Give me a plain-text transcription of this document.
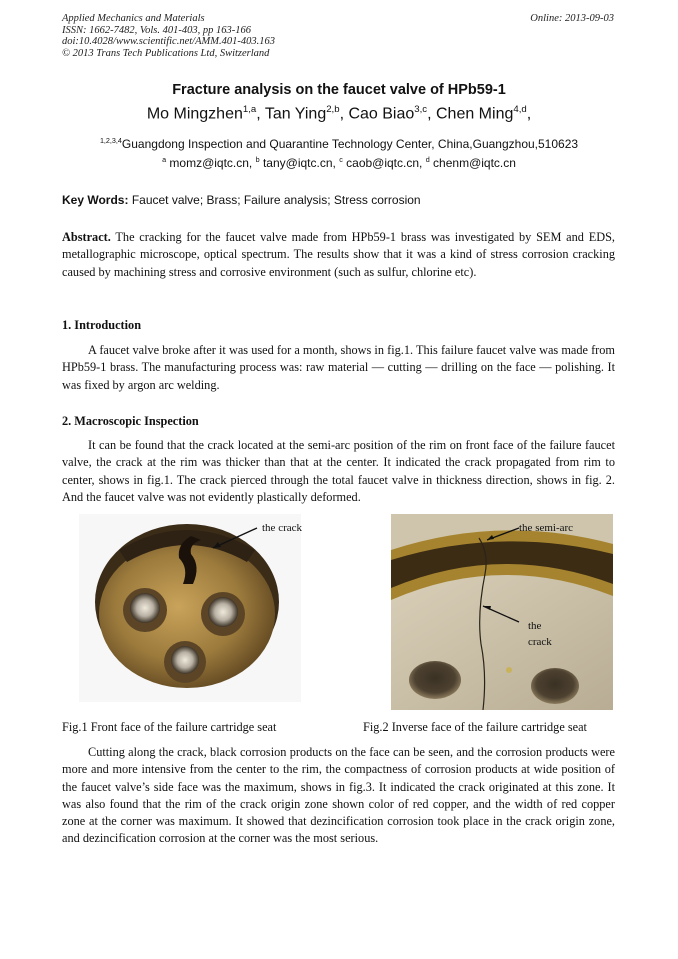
Applied Mechanics and Materials
ISSN: 1662-7482, Vols. 401-403, pp 163-166
doi:10.4028/www.scientific.net/AMM.401-403.163
© 2013 Trans Tech Publications Ltd, Switzerland
Online: 2013-09-03
Fracture analysis on the faucet valve of HPb59-1
Mo Mingzhen$^{1,a}$, Tan Ying$^{2,b}$, Cao Biao$^{3,c}$, Chen Ming$^{4,d}$,
$^{1,2,3,4}$Guangdong Inspection and Quarantine Technology Center, China,Guangzhou,510623
$^a$ momz@iqtc.cn, $^b$ tany@iqtc.cn, $^c$ caob@iqtc.cn, $^d$ chenm@iqtc.cn
Key Words: Faucet valve; Brass; Failure analysis; Stress corrosion
Abstract. The cracking for the faucet valve made from HPb59-1 brass was investigated by SEM and EDS, metallographic microscope, optical spectrum. The results show that it was a kind of stress corrosion cracking caused by machining stress and corrosive environment (such as sulfur, chlorine etc).
1. Introduction
A faucet valve broke after it was used for a month, shows in fig.1. This failure faucet valve was made from HPb59-1 brass. The manufacturing process was: raw material — cutting — drilling on the face — polishing. It was fixed by argon arc welding.
2. Macroscopic Inspection
It can be found that the crack located at the semi-arc position of the rim on front face of the failure faucet valve, the crack at the rim was thicker than that at the center. It indicated the crack propagated from rim to center, shows in fig.1. The crack pierced through the total faucet valve in thickness direction, shows in fig. 2. And the faucet valve was not evidently plastically deformed.
the crack	the semi-arc
the
crack
Fig.1 Front face of the failure cartridge seat	Fig.2 Inverse face of the failure cartridge seat
Cutting along the crack, black corrosion products on the face can be seen, and the corrosion products were more and more intensive from the center to the rim, the compactness of corrosion products at wide position of the faucet valve’s side face was the maximum, shows in fig.3. It indicated the crack originated at this zone. It was also found that the rim of the crack origin zone shown color of red copper, and the width of red copper zone at the corner was maximum. It showed that dezincification corrosion took place in the crack origin zone, and dezincification corrosion at the corner was the most serious.
